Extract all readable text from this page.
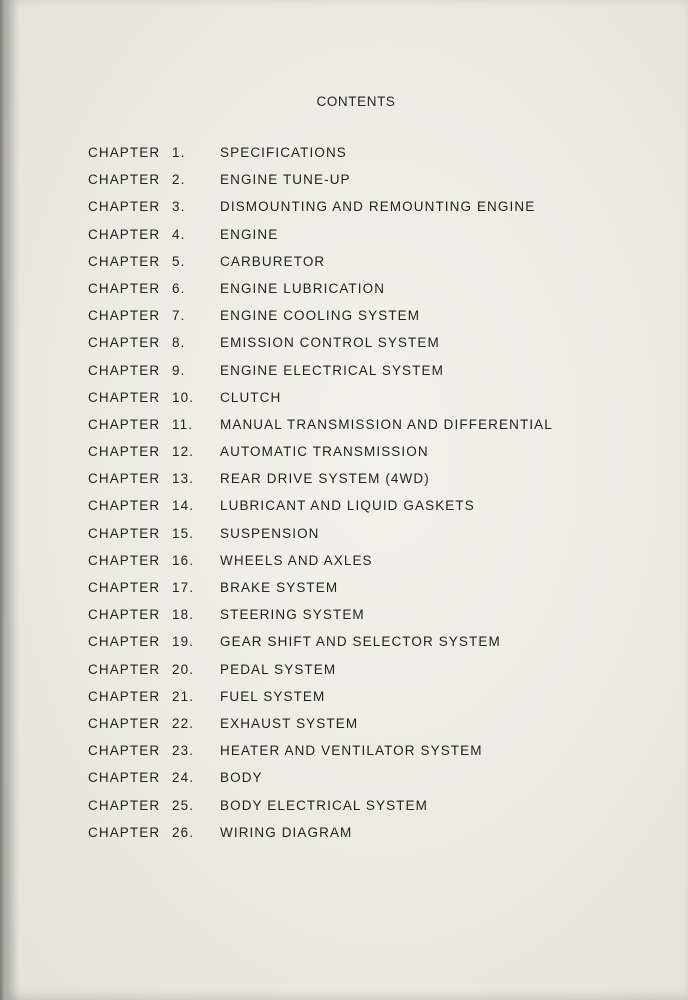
CONTENTS
CHAPTER 1.	SPECIFICATIONS
CHAPTER 2.	ENGINE TUNE-UP
CHAPTER 3.	DISMOUNTING AND REMOUNTING ENGINE
CHAPTER 4.	ENGINE
CHAPTER 5.	CARBURETOR
CHAPTER 6.	ENGINE LUBRICATION
CHAPTER 7.	ENGINE COOLING SYSTEM
CHAPTER 8.	EMISSION CONTROL SYSTEM
CHAPTER 9.	ENGINE ELECTRICAL SYSTEM
CHAPTER 10. CLUTCH
CHAPTER 11. MANUAL TRANSMISSION AND DIFFERENTIAL
CHAPTER 12. AUTOMATIC TRANSMISSION
CHAPTER 13. REAR DRIVE SYSTEM (4WD)
CHAPTER 14. LUBRICANT AND LIQUID GASKETS
CHAPTER 15. SUSPENSION
CHAPTER 16. WHEELS AND AXLES
CHAPTER 17. BRAKE SYSTEM
CHAPTER 18. STEERING SYSTEM
CHAPTER 19. GEAR SHIFT AND SELECTOR SYSTEM
CHAPTER 20. PEDAL SYSTEM
CHAPTER 21. FUEL SYSTEM
CHAPTER 22. EXHAUST SYSTEM
CHAPTER 23. HEATER AND VENTILATOR SYSTEM
CHAPTER 24. BODY
CHAPTER 25. BODY ELECTRICAL SYSTEM
CHAPTER 26. WIRING DIAGRAM
